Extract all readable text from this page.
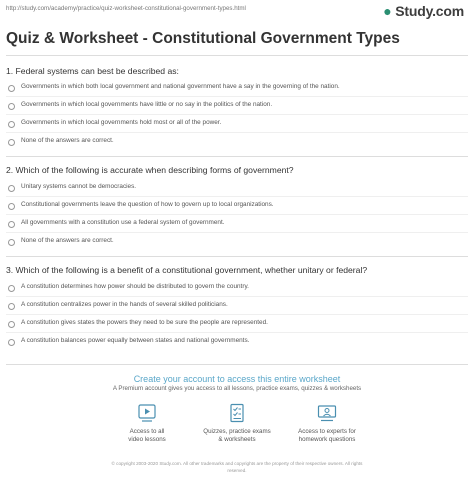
http://study.com/academy/practice/quiz-worksheet-constitutional-government-types.html	● Study.com
Quiz & Worksheet - Constitutional Government Types
1. Federal systems can best be described as:
Governments in which both local government and national government have a say in the governing of the nation.
Governments in which local governments have little or no say in the politics of the nation.
Governments in which local governments hold most or all of the power.
None of the answers are correct.
2. Which of the following is accurate when describing forms of government?
Unitary systems cannot be democracies.
Constitutional governments leave the question of how to govern up to local organizations.
All governments with a constitution use a federal system of government.
None of the answers are correct.
3. Which of the following is a benefit of a constitutional government, whether unitary or federal?
A constitution determines how power should be distributed to govern the country.
A constitution centralizes power in the hands of several skilled politicians.
A constitution gives states the powers they need to be sure the people are represented.
A constitution balances power equally between states and national governments.
Create your account to access this entire worksheet
A Premium account gives you access to all lessons, practice exams, quizzes & worksheets
Access to all
video lessons
Quizzes, practice exams
& worksheets
Access to experts for
homework questions
© copyright 2003-2020 Study.com. All other trademarks and copyrights are the property of their respective owners. All rights
reserved.
